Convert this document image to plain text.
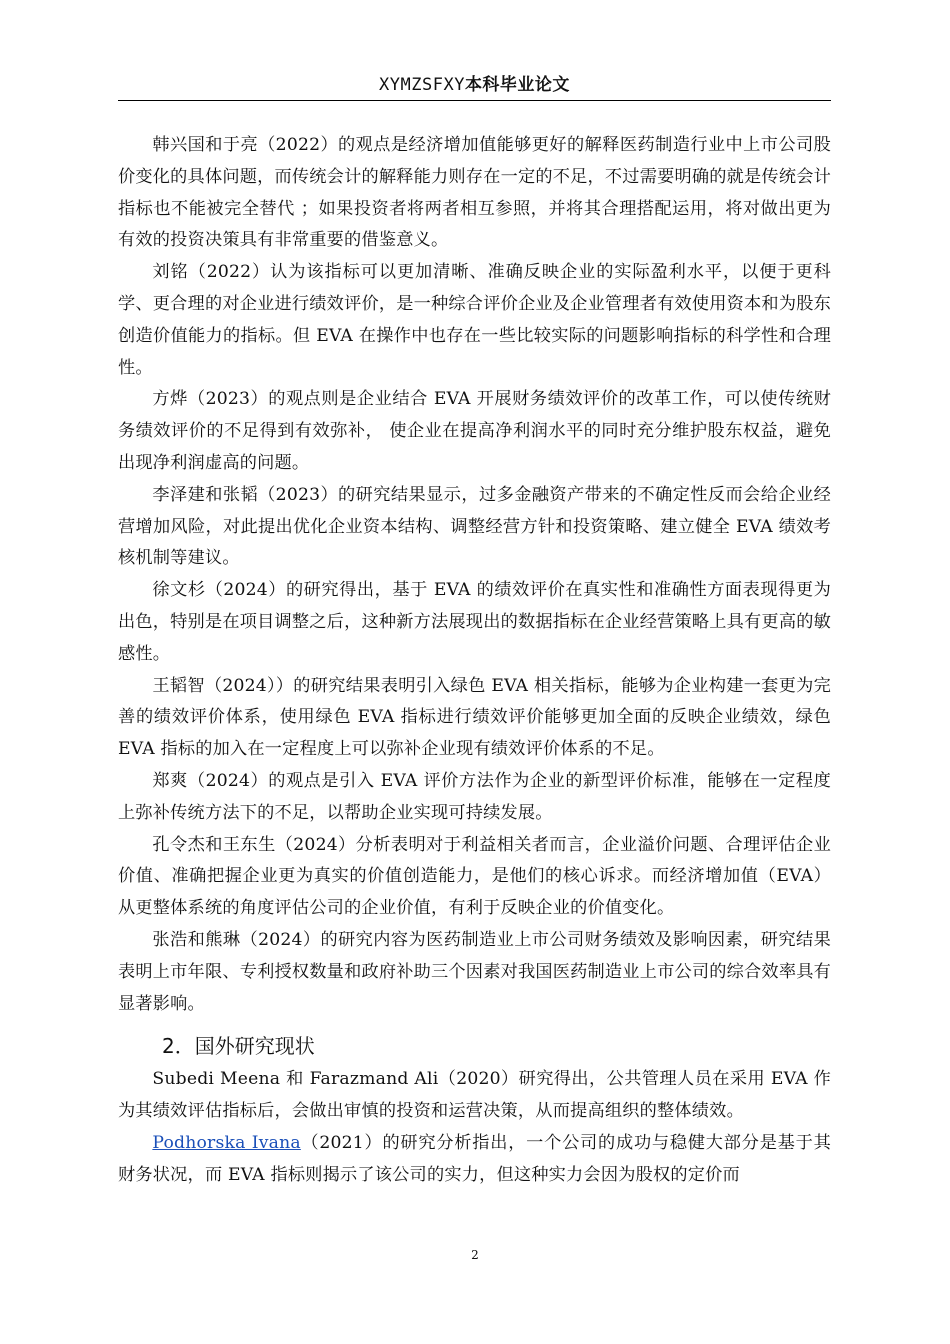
XYMZSFXY本科毕业论文

韩兴国和于亮（2022）的观点是经济增加值能够更好的解释医药制造行业中上市公司股价变化的具体问题，而传统会计的解释能力则存在一定的不足，不过需要明确的就是传统会计指标也不能被完全替代 ；如果投资者将两者相互参照，并将其合理搭配运用，将对做出更为有效的投资决策具有非常重要的借鉴意义。

刘铭（2022）认为该指标可以更加清晰、准确反映企业的实际盈利水平，以便于更科学、更合理的对企业进行绩效评价，是一种综合评价企业及企业管理者有效使用资本和为股东创造价值能力的指标。但 EVA 在操作中也存在一些比较实际的问题影响指标的科学性和合理性。

方烨（2023）的观点则是企业结合 EVA 开展财务绩效评价的改革工作，可以使传统财务绩效评价的不足得到有效弥补， 使企业在提高净利润水平的同时充分维护股东权益，避免出现净利润虚高的问题。

李泽建和张韬（2023）的研究结果显示，过多金融资产带来的不确定性反而会给企业经营增加风险，对此提出优化企业资本结构、调整经营方针和投资策略、建立健全 EVA 绩效考核机制等建议。

徐文杉（2024）的研究得出，基于 EVA 的绩效评价在真实性和准确性方面表现得更为出色，特别是在项目调整之后，这种新方法展现出的数据指标在企业经营策略上具有更高的敏感性。

王韬智（2024））的研究结果表明引入绿色 EVA 相关指标，能够为企业构建一套更为完善的绩效评价体系，使用绿色 EVA 指标进行绩效评价能够更加全面的反映企业绩效，绿色 EVA 指标的加入在一定程度上可以弥补企业现有绩效评价体系的不足。

郑爽（2024）的观点是引入 EVA 评价方法作为企业的新型评价标准，能够在一定程度上弥补传统方法下的不足，以帮助企业实现可持续发展。

孔令杰和王东生（2024）分析表明对于利益相关者而言，企业溢价问题、合理评估企业价值、准确把握企业更为真实的价值创造能力，是他们的核心诉求。而经济增加值（EVA）从更整体系统的角度评估公司的企业价值，有利于反映企业的价值变化。

张浩和熊琳（2024）的研究内容为医药制造业上市公司财务绩效及影响因素，研究结果表明上市年限、专利授权数量和政府补助三个因素对我国医药制造业上市公司的综合效率具有显著影响。

2．国外研究现状

Subedi Meena 和 Farazmand Ali（2020）研究得出，公共管理人员在采用 EVA 作为其绩效评估指标后，会做出审慎的投资和运营决策，从而提高组织的整体绩效。

Podhorska Ivana（2021）的研究分析指出，一个公司的成功与稳健大部分是基于其财务状况，而 EVA 指标则揭示了该公司的实力，但这种实力会因为股权的定价而

2
